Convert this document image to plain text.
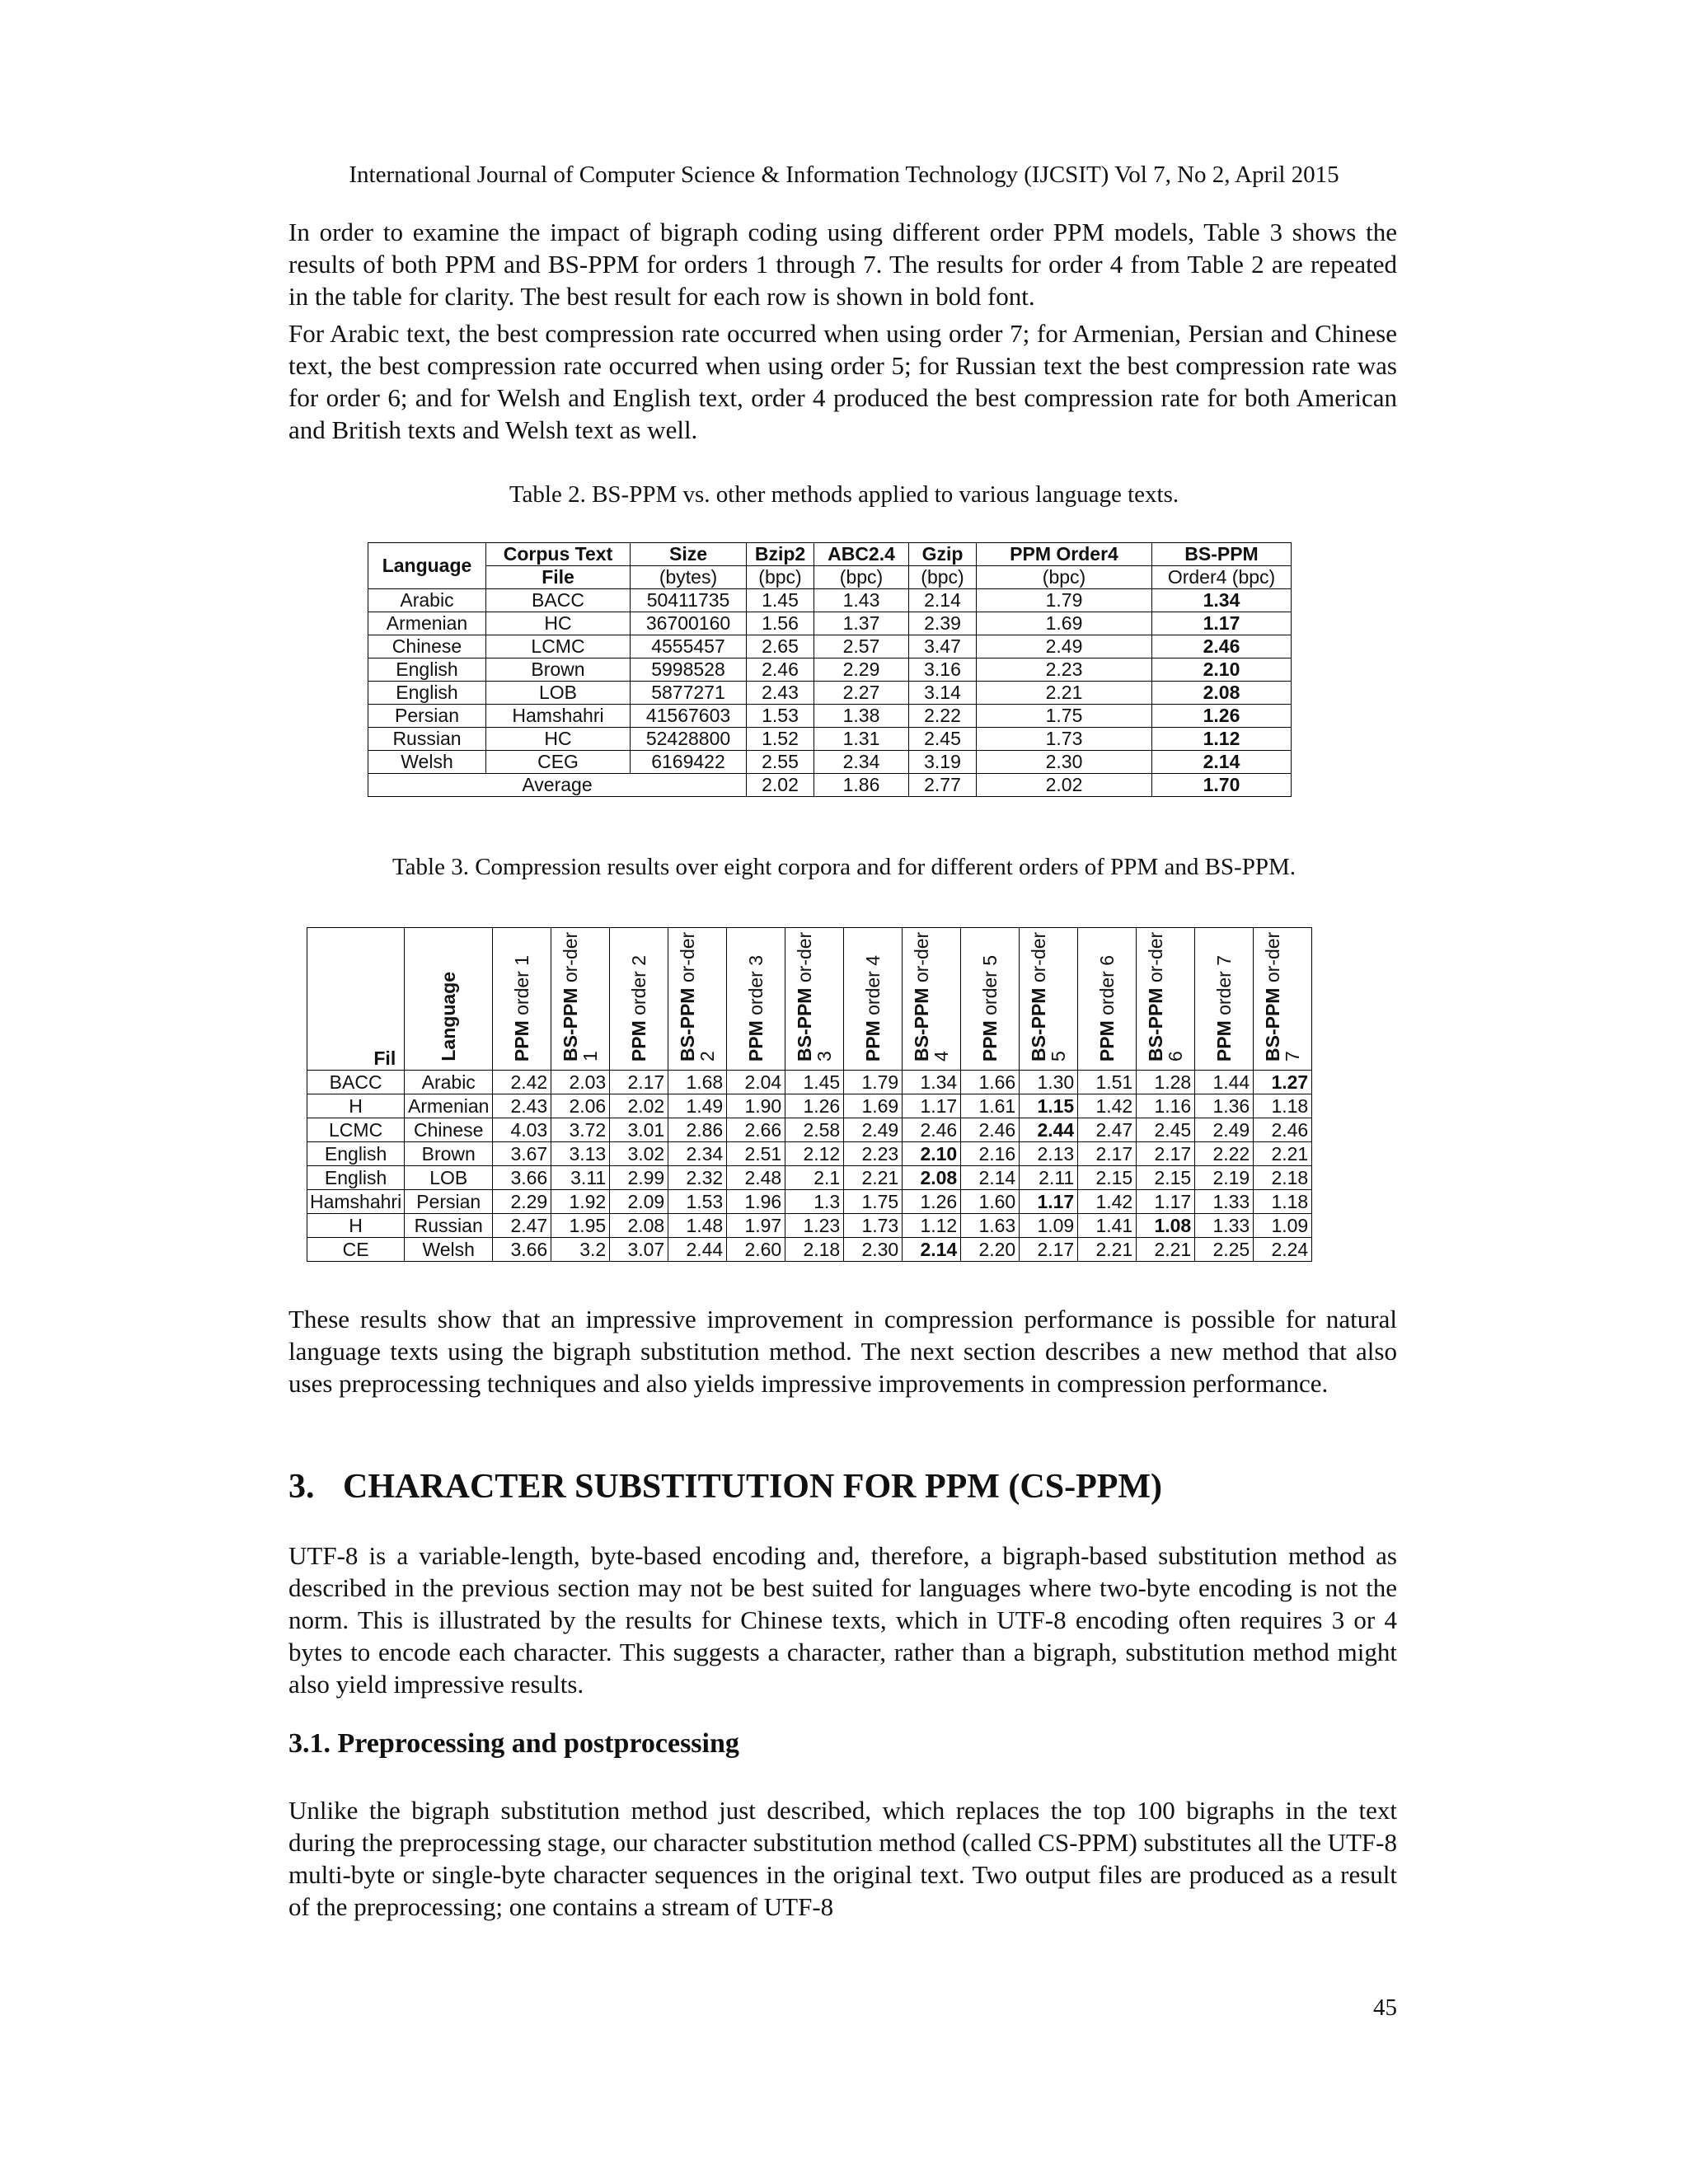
International Journal of Computer Science & Information Technology (IJCSIT) Vol 7, No 2, April 2015
In order to examine the impact of bigraph coding using different order PPM models, Table 3 shows the results of both PPM and BS-PPM for orders 1 through 7. The results for order 4 from Table 2 are repeated in the table for clarity. The best result for each row is shown in bold font.
For Arabic text, the best compression rate occurred when using order 7; for Armenian, Persian and Chinese text, the best compression rate occurred when using order 5; for Russian text the best compression rate was for order 6; and for Welsh and English text, order 4 produced the best compression rate for both American and British texts and Welsh text as well.
Table 2. BS-PPM vs. other methods applied to various language texts.
Language	Corpus Text	Size	Bzip2	ABC2.4	Gzip	PPM Order4	BS-PPM
	File	(bytes)	(bpc)	(bpc)	(bpc)	(bpc)	Order4 (bpc)
Arabic	BACC	50411735	1.45	1.43	2.14	1.79	1.34
Armenian	HC	36700160	1.56	1.37	2.39	1.69	1.17
Chinese	LCMC	4555457	2.65	2.57	3.47	2.49	2.46
English	Brown	5998528	2.46	2.29	3.16	2.23	2.10
English	LOB	5877271	2.43	2.27	3.14	2.21	2.08
Persian	Hamshahri	41567603	1.53	1.38	2.22	1.75	1.26
Russian	HC	52428800	1.52	1.31	2.45	1.73	1.12
Welsh	CEG	6169422	2.55	2.34	3.19	2.30	2.14
Average			2.02	1.86	2.77	2.02	1.70
Table 3. Compression results over eight corpora and for different orders of PPM and BS-PPM.
Fil	Language	PPM order 1	BS-PPM or-der 1	PPM order 2	BS-PPM or-der 2	PPM order 3	BS-PPM or-der 3	PPM order 4	BS-PPM or-der 4	PPM order 5	BS-PPM or-der 5	PPM order 6	BS-PPM or-der 6	PPM order 7	BS-PPM or-der 7
BACC	Arabic	2.42	2.03	2.17	1.68	2.04	1.45	1.79	1.34	1.66	1.30	1.51	1.28	1.44	1.27
H	Armenian	2.43	2.06	2.02	1.49	1.90	1.26	1.69	1.17	1.61	1.15	1.42	1.16	1.36	1.18
LCMC	Chinese	4.03	3.72	3.01	2.86	2.66	2.58	2.49	2.46	2.46	2.44	2.47	2.45	2.49	2.46
English	Brown	3.67	3.13	3.02	2.34	2.51	2.12	2.23	2.10	2.16	2.13	2.17	2.17	2.22	2.21
English	LOB	3.66	3.11	2.99	2.32	2.48	2.1	2.21	2.08	2.14	2.11	2.15	2.15	2.19	2.18
Hamshahri	Persian	2.29	1.92	2.09	1.53	1.96	1.3	1.75	1.26	1.60	1.17	1.42	1.17	1.33	1.18
H	Russian	2.47	1.95	2.08	1.48	1.97	1.23	1.73	1.12	1.63	1.09	1.41	1.08	1.33	1.09
CE	Welsh	3.66	3.2	3.07	2.44	2.60	2.18	2.30	2.14	2.20	2.17	2.21	2.21	2.25	2.24
These results show that an impressive improvement in compression performance is possible for natural language texts using the bigraph substitution method. The next section describes a new method that also uses preprocessing techniques and also yields impressive improvements in compression performance.
3. CHARACTER SUBSTITUTION FOR PPM (CS-PPM)
UTF-8 is a variable-length, byte-based encoding and, therefore, a bigraph-based substitution method as described in the previous section may not be best suited for languages where two-byte encoding is not the norm. This is illustrated by the results for Chinese texts, which in UTF-8 encoding often requires 3 or 4 bytes to encode each character. This suggests a character, rather than a bigraph, substitution method might also yield impressive results.
3.1. Preprocessing and postprocessing
Unlike the bigraph substitution method just described, which replaces the top 100 bigraphs in the text during the preprocessing stage, our character substitution method (called CS-PPM) substitutes all the UTF-8 multi-byte or single-byte character sequences in the original text. Two output files are produced as a result of the preprocessing; one contains a stream of UTF-8
45
